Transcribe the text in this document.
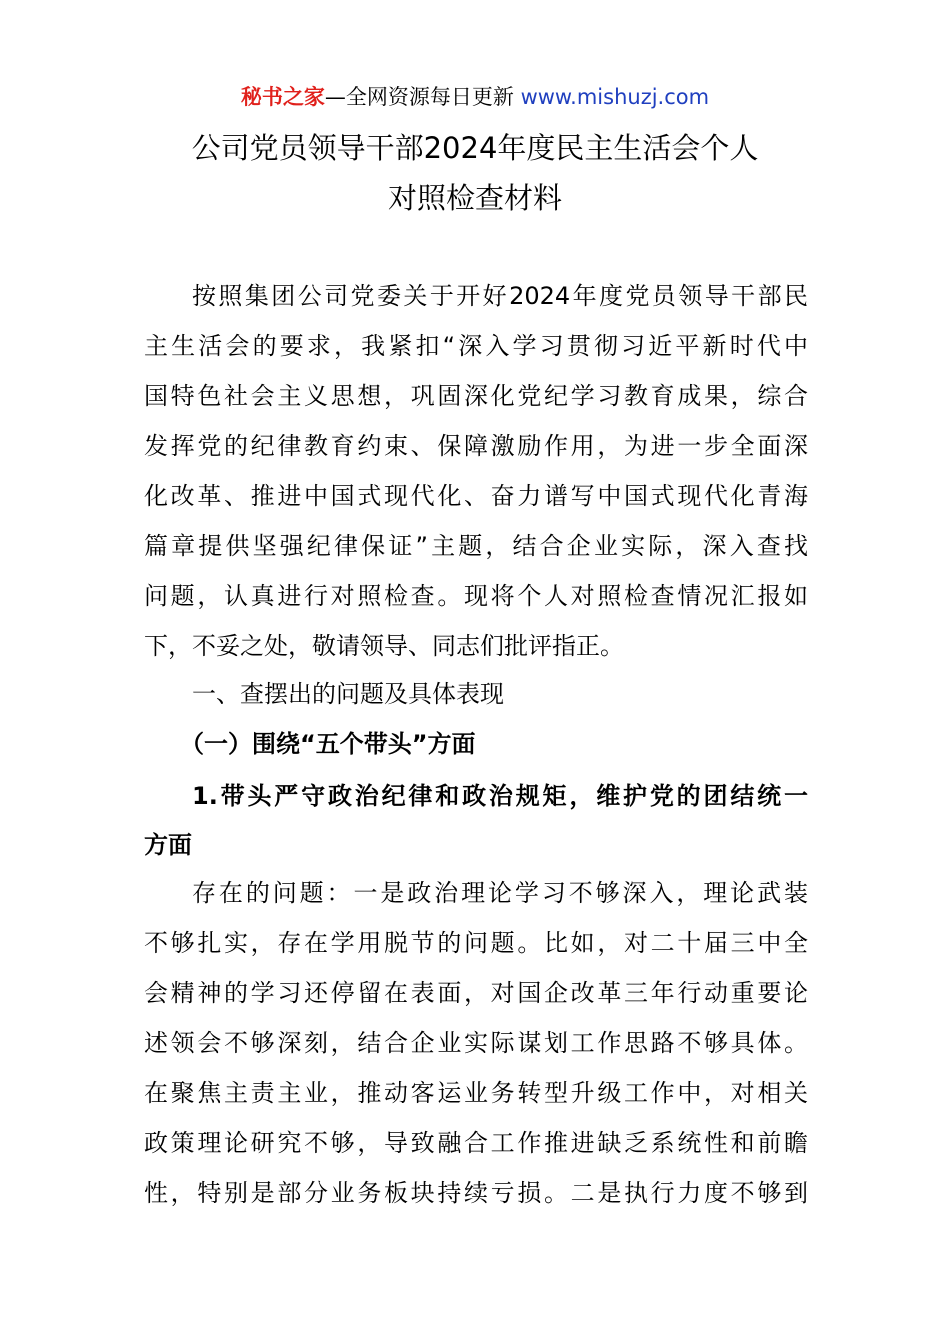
秘书之家—全网资源每日更新 www.mishuzj.com
公司党员领导干部2024年度民主生活会个人
对照检查材料
按照集团公司党委关于开好2024年度党员领导干部民
主生活会的要求，我紧扣“深入学习贯彻习近平新时代中
国特色社会主义思想，巩固深化党纪学习教育成果，综合
发挥党的纪律教育约束、保障激励作用，为进一步全面深
化改革、推进中国式现代化、奋力谱写中国式现代化青海
篇章提供坚强纪律保证”主题，结合企业实际，深入查找
问题，认真进行对照检查。现将个人对照检查情况汇报如
下，不妥之处，敬请领导、同志们批评指正。
一、查摆出的问题及具体表现
（一）围绕“五个带头”方面
1.带头严守政治纪律和政治规矩，维护党的团结统一
方面
存在的问题：一是政治理论学习不够深入，理论武装
不够扎实，存在学用脱节的问题。比如，对二十届三中全
会精神的学习还停留在表面，对国企改革三年行动重要论
述领会不够深刻，结合企业实际谋划工作思路不够具体。
在聚焦主责主业，推动客运业务转型升级工作中，对相关
政策理论研究不够，导致融合工作推进缺乏系统性和前瞻
性，特别是部分业务板块持续亏损。二是执行力度不够到
